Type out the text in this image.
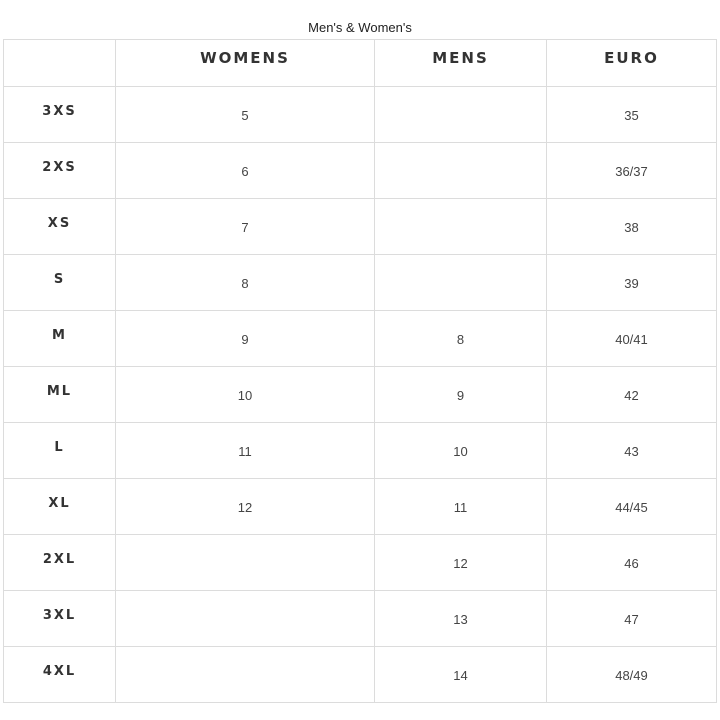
Men's & Women's
	WOMENS	MENS	EURO
3XS	5		35
2XS	6		36/37
XS	7		38
S	8		39
M	9	8	40/41
ML	10	9	42
L	11	10	43
XL	12	11	44/45
2XL		12	46
3XL		13	47
4XL		14	48/49
